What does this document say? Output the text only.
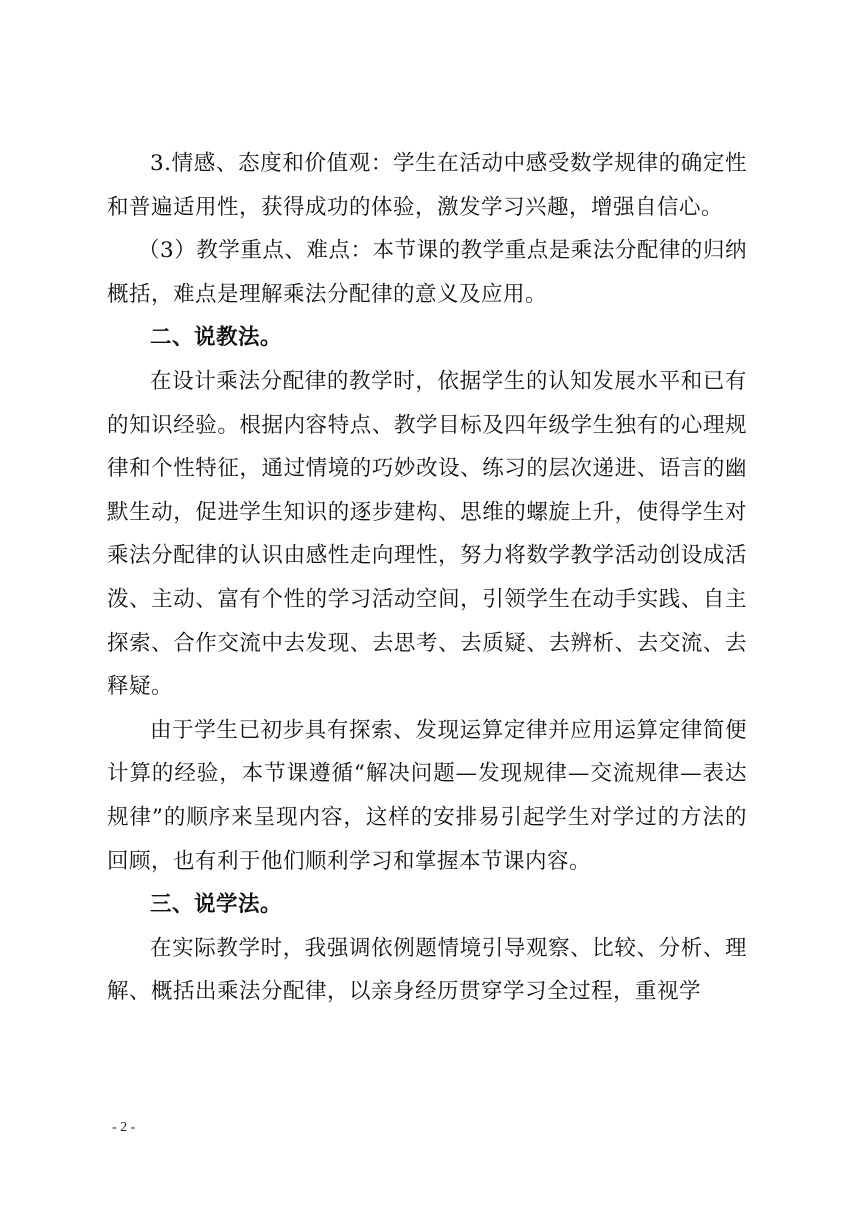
3.情感、态度和价值观：学生在活动中感受数学规律的确定性和普遍适用性，获得成功的体验，激发学习兴趣，增强自信心。

（3）教学重点、难点：本节课的教学重点是乘法分配律的归纳概括，难点是理解乘法分配律的意义及应用。

二、说教法。

在设计乘法分配律的教学时，依据学生的认知发展水平和已有的知识经验。根据内容特点、教学目标及四年级学生独有的心理规律和个性特征，通过情境的巧妙改设、练习的层次递进、语言的幽默生动，促进学生知识的逐步建构、思维的螺旋上升，使得学生对乘法分配律的认识由感性走向理性，努力将数学教学活动创设成活泼、主动、富有个性的学习活动空间，引领学生在动手实践、自主探索、合作交流中去发现、去思考、去质疑、去辨析、去交流、去释疑。

由于学生已初步具有探索、发现运算定律并应用运算定律简便计算的经验，本节课遵循“解决问题—发现规律—交流规律—表达规律”的顺序来呈现内容，这样的安排易引起学生对学过的方法的回顾，也有利于他们顺利学习和掌握本节课内容。

三、说学法。

在实际教学时，我强调依例题情境引导观察、比较、分析、理解、概括出乘法分配律，以亲身经历贯穿学习全过程，重视学

- 2 -
